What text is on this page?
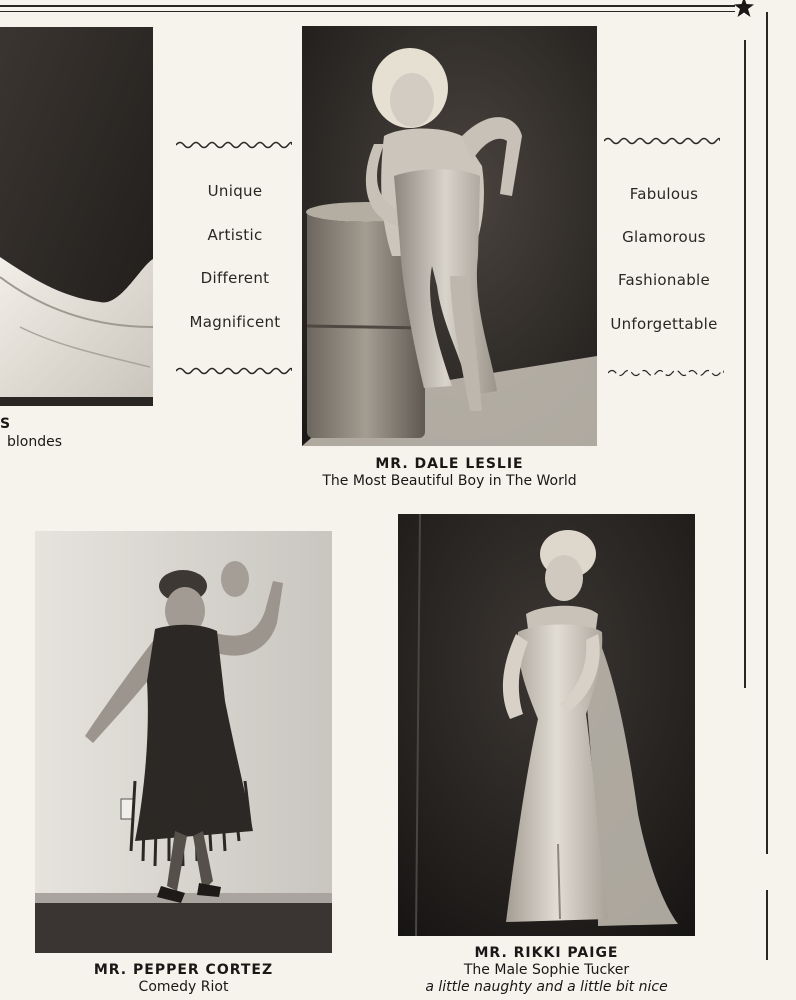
S
blondes
Unique
Artistic
Different
Magnificent
MR. DALE LESLIE
The Most Beautiful Boy in The World
Fabulous
Glamorous
Fashionable
Unforgettable
MR. PEPPER CORTEZ
Comedy Riot
MR. RIKKI PAIGE
The Male Sophie Tucker
a little naughty and a little bit nice
